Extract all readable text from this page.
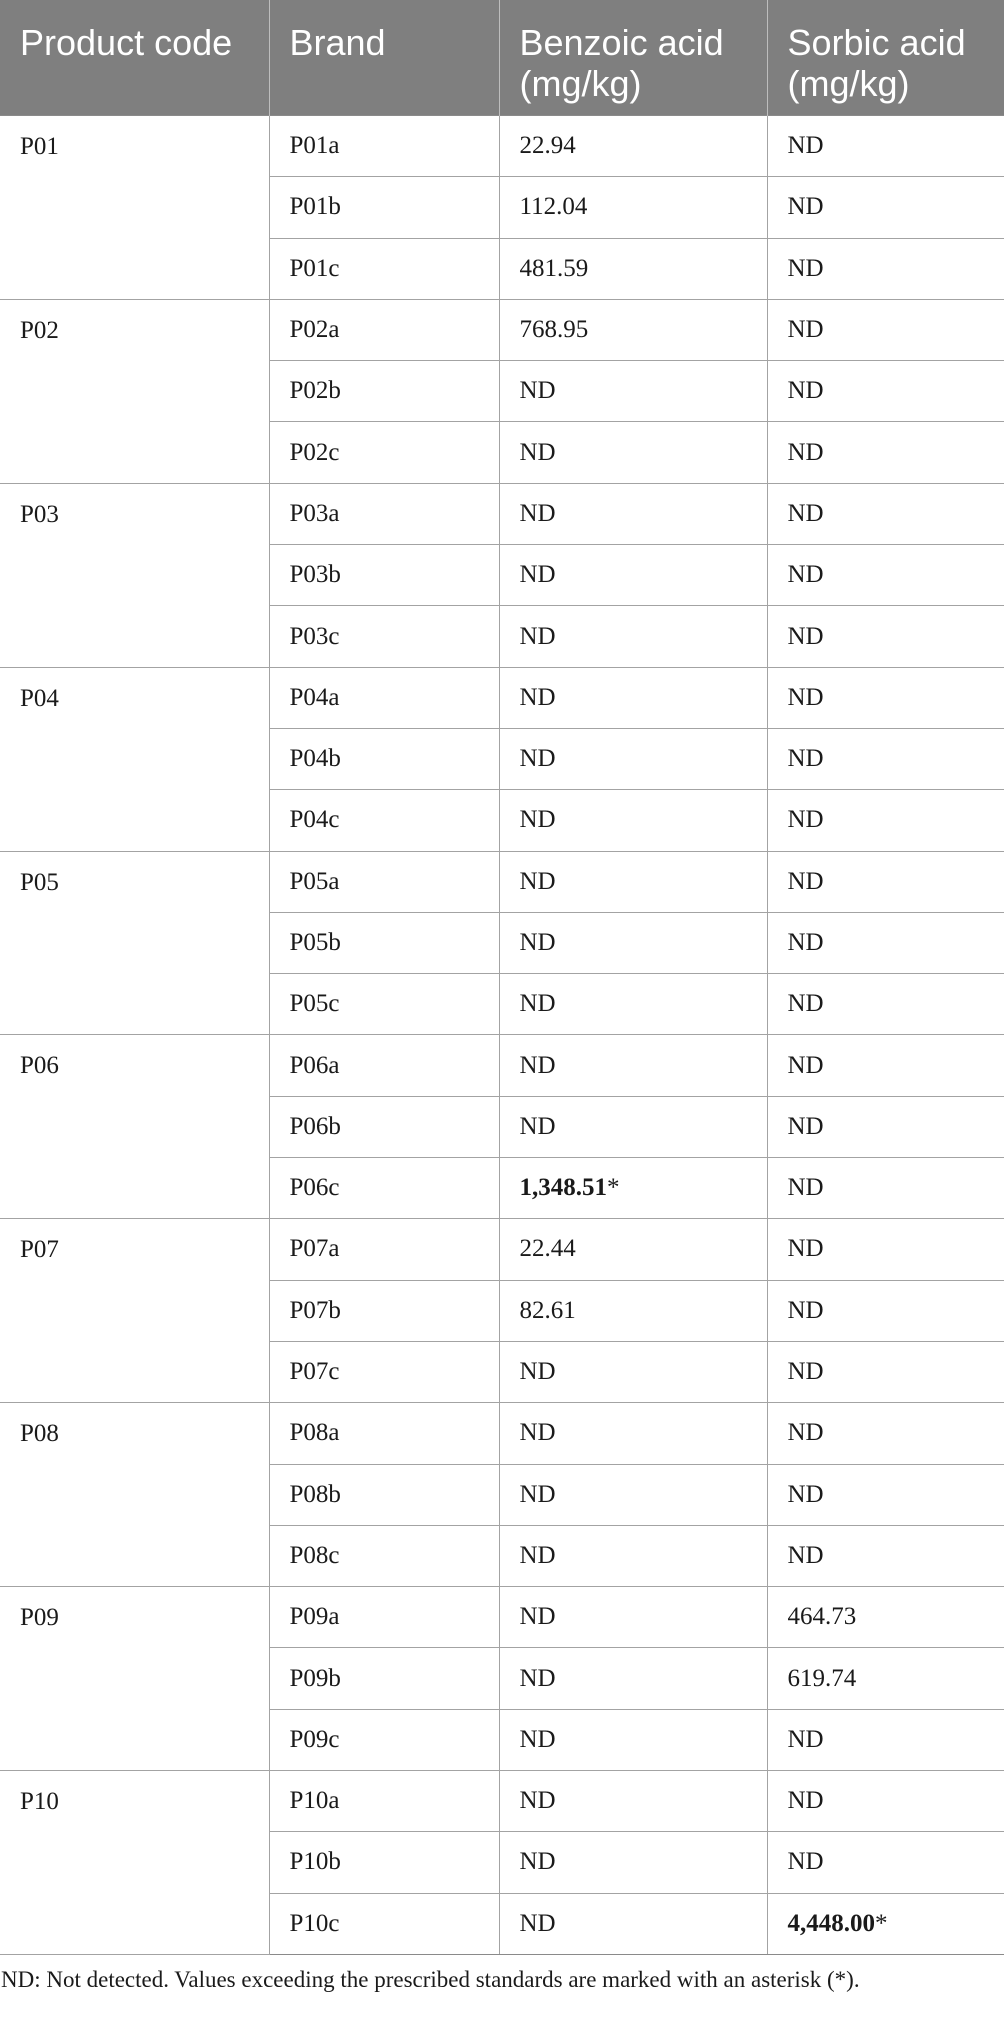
Product code	Brand	Benzoic acid (mg/kg)	Sorbic acid (mg/kg)
P01	P01a	22.94	ND
	P01b	112.04	ND
	P01c	481.59	ND
P02	P02a	768.95	ND
	P02b	ND	ND
	P02c	ND	ND
P03	P03a	ND	ND
	P03b	ND	ND
	P03c	ND	ND
P04	P04a	ND	ND
	P04b	ND	ND
	P04c	ND	ND
P05	P05a	ND	ND
	P05b	ND	ND
	P05c	ND	ND
P06	P06a	ND	ND
	P06b	ND	ND
	P06c	1,348.51*	ND
P07	P07a	22.44	ND
	P07b	82.61	ND
	P07c	ND	ND
P08	P08a	ND	ND
	P08b	ND	ND
	P08c	ND	ND
P09	P09a	ND	464.73
	P09b	ND	619.74
	P09c	ND	ND
P10	P10a	ND	ND
	P10b	ND	ND
	P10c	ND	4,448.00*

ND: Not detected. Values exceeding the prescribed standards are marked with an asterisk (*).
